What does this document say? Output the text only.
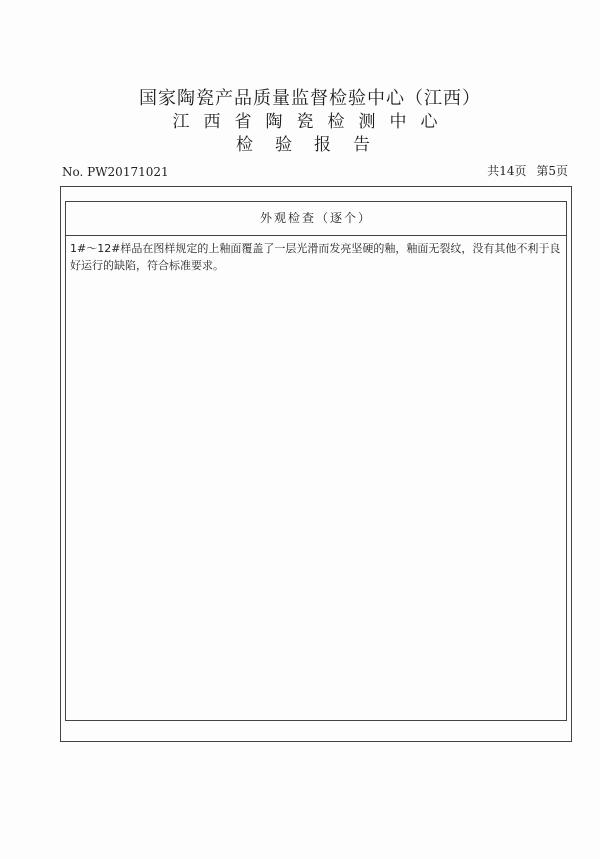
国家陶瓷产品质量监督检验中心（江西）
江西省陶瓷检测中心
检验报告
No. PW20171021	共14页 第5页
外观检查（逐个）
1#～12#样品在图样规定的上釉面覆盖了一层光滑而发亮坚硬的釉，釉面无裂纹，没有其他不利于良好运行的缺陷，符合标准要求。
